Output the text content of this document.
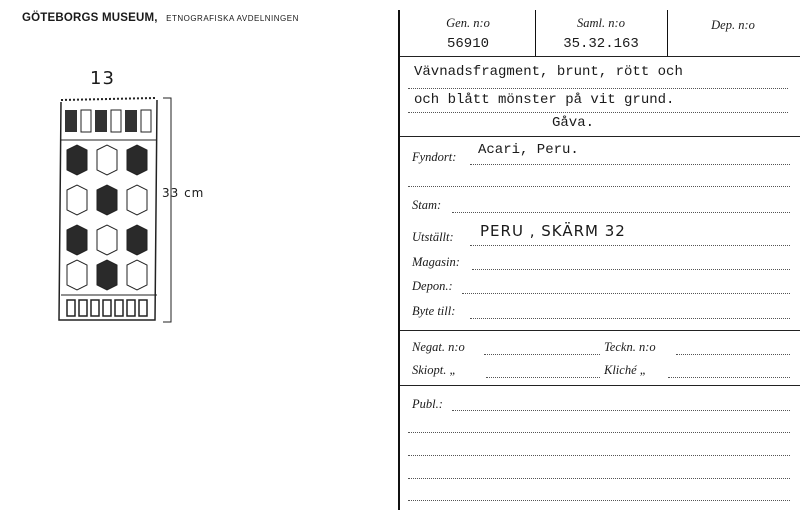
GÖTEBORGS MUSEUM, ETNOGRAFISKA AVDELNINGEN
13
33 cm
Gen. n:o	Saml. n:o	Dep. n:o
56910	35.32.163
Vävnadsfragment, brunt, rött och
och blått mönster på vit grund.
Gåva.
Fyndort: Acari, Peru.
Stam:
Utställt: PERU , SKÄRM 32
Magasin:
Depon.:
Byte till:
Negat. n:o	Teckn. n:o
Skiopt. „	Kliché „
Publ.:
